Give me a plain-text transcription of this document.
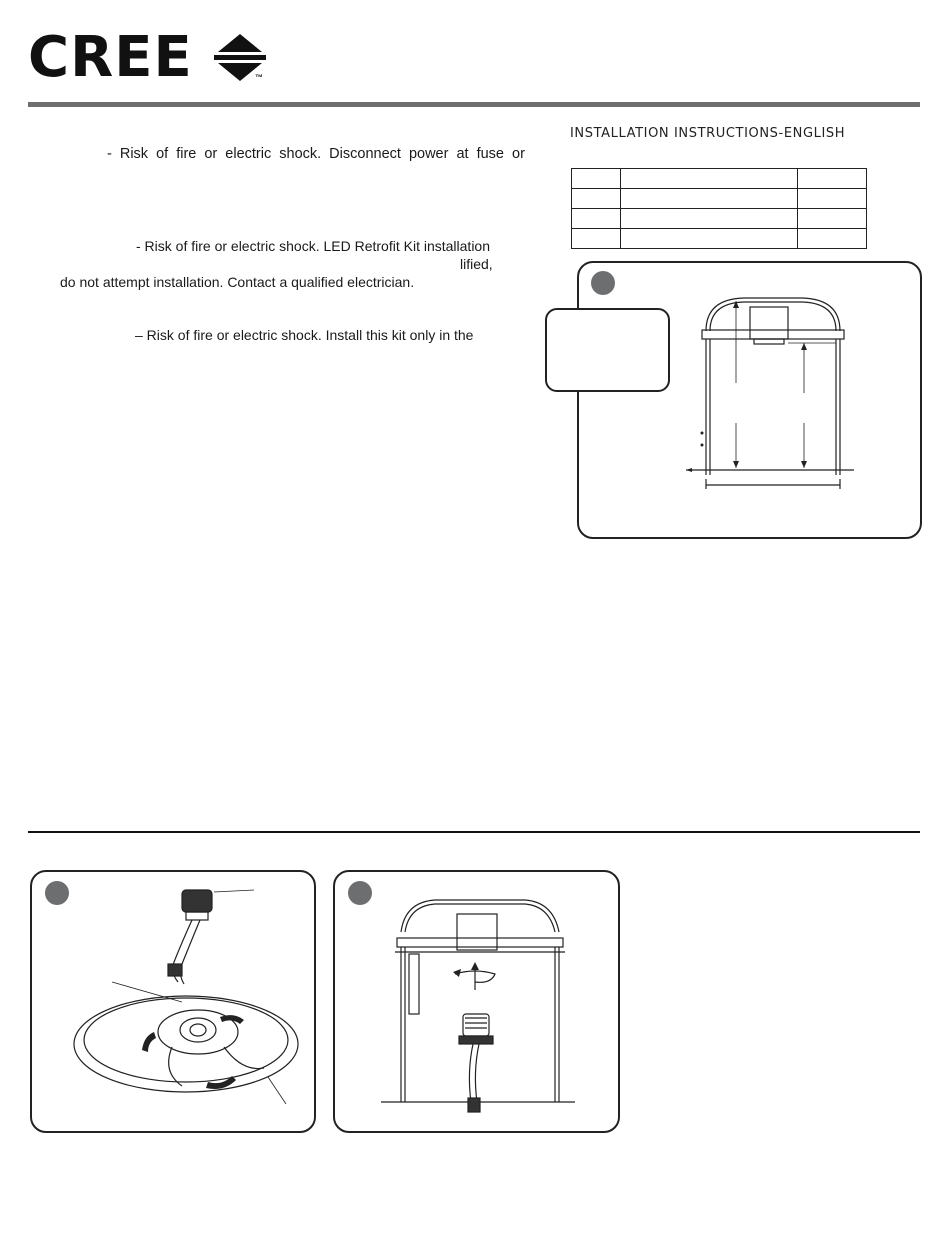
CREE	™
- Risk of fire or electric shock. Disconnect power at fuse or
- Risk of fire or electric shock. LED Retrofit Kit installation
lified,
do not attempt installation. Contact a qualified electrician.
– Risk of fire or electric shock. Install this kit only in the
INSTALLATION INSTRUCTIONS-ENGLISH
